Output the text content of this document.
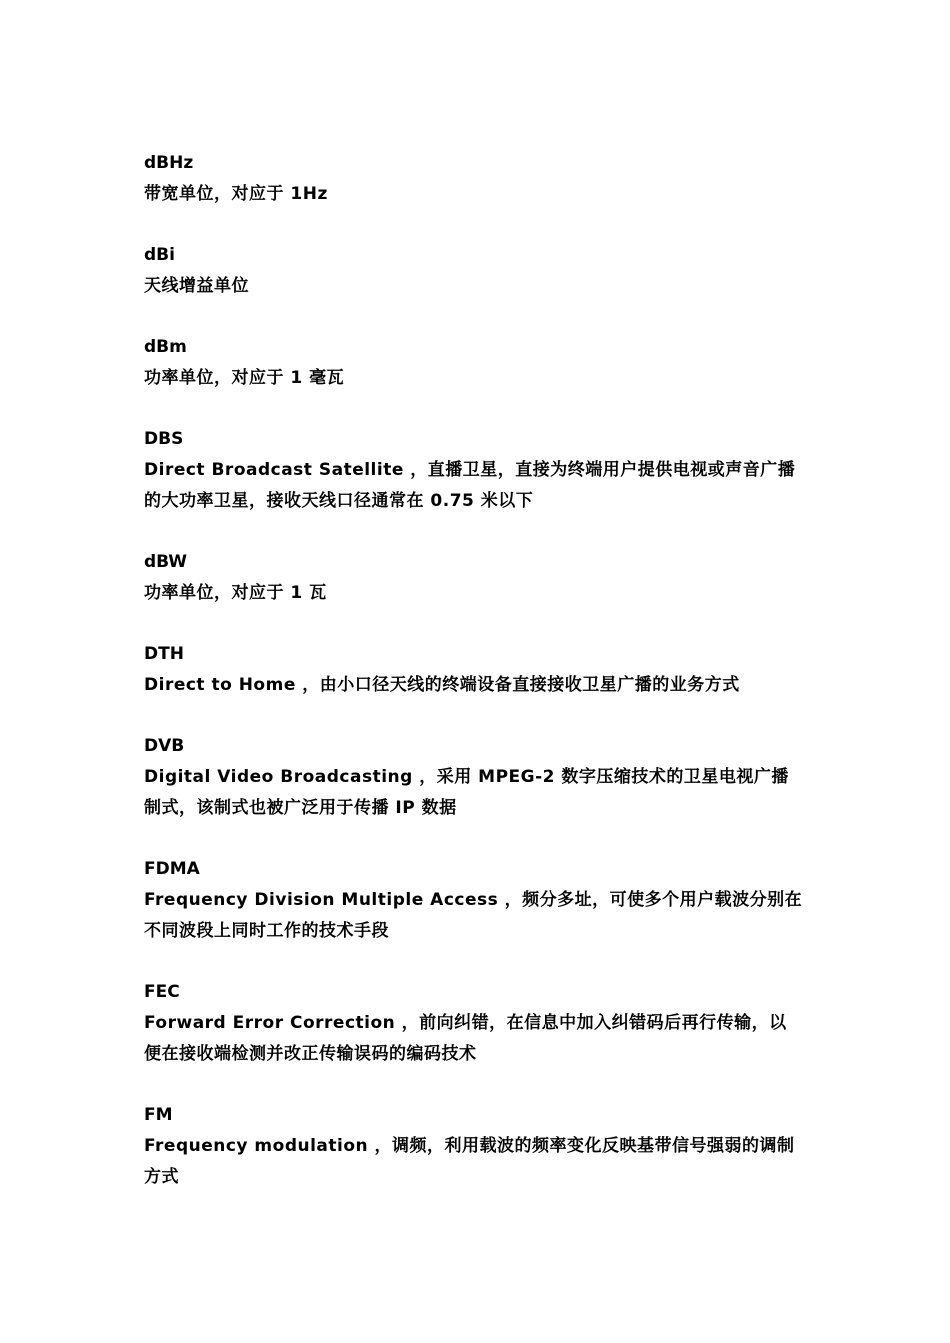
dBHz
带宽单位，对应于 1Hz
dBi
天线增益单位
dBm
功率单位，对应于 1 毫瓦
DBS
Direct Broadcast Satellite ，直播卫星，直接为终端用户提供电视或声音广播的大功率卫星，接收天线口径通常在 0.75 米以下
dBW
功率单位，对应于 1 瓦
DTH
Direct to Home ，由小口径天线的终端设备直接接收卫星广播的业务方式
DVB
Digital Video Broadcasting ，采用 MPEG-2 数字压缩技术的卫星电视广播制式，该制式也被广泛用于传播 IP 数据
FDMA
Frequency Division Multiple Access ，频分多址，可使多个用户载波分别在不同波段上同时工作的技术手段
FEC
Forward Error Correction ，前向纠错，在信息中加入纠错码后再行传输，以便在接收端检测并改正传输误码的编码技术
FM
Frequency modulation ，调频，利用载波的频率变化反映基带信号强弱的调制方式
